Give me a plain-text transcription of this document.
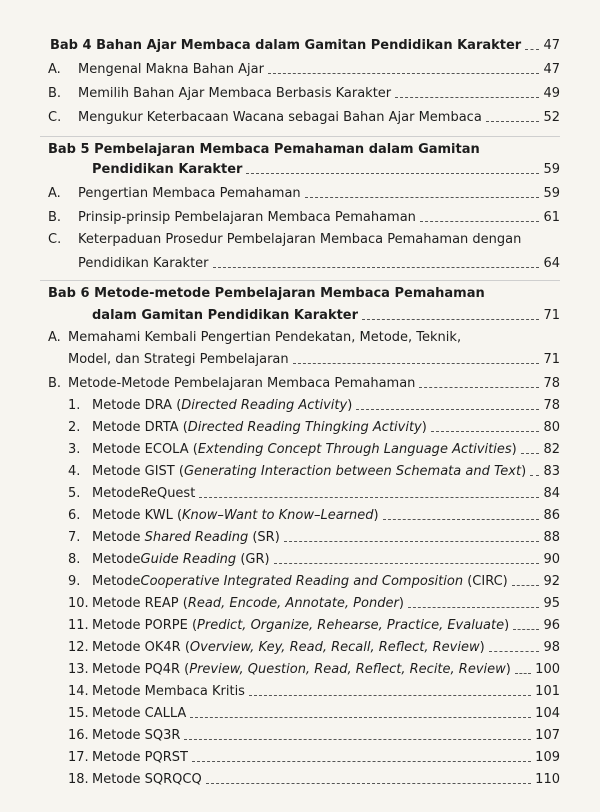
Bab 4 Bahan Ajar Membaca dalam Gamitan Pendidikan Karakter 47
A.	Mengenal Makna Bahan Ajar	47
B.	Memilih Bahan Ajar Membaca Berbasis Karakter	49
C.	Mengukur Keterbacaan Wacana sebagai Bahan Ajar Membaca	52
Bab 5 Pembelajaran Membaca Pemahaman dalam Gamitan
Pendidikan Karakter	59
A.	Pengertian Membaca Pemahaman	59
B.	Prinsip-prinsip Pembelajaran Membaca Pemahaman	61
C. Keterpaduan Prosedur Pembelajaran Membaca Pemahaman dengan
Pendidikan Karakter	64
Bab 6 Metode-metode Pembelajaran Membaca Pemahaman
dalam Gamitan Pendidikan Karakter	71
A. Memahami Kembali Pengertian Pendekatan, Metode, Teknik,
Model, dan Strategi Pembelajaran	71
B. Metode-Metode Pembelajaran Membaca Pemahaman	78
1. Metode DRA (Directed Reading Activity)	78
2. Metode DRTA (Directed Reading Thingking Activity)	80
3. Metode ECOLA (Extending Concept Through Language Activities) 82
4. Metode GIST (Generating Interaction between Schemata and Text) 83
5. MetodeReQuest	84
6. Metode KWL (Know–Want to Know–Learned)	86
7. Metode Shared Reading (SR)	88
8. MetodeGuide Reading (GR)	90
9. MetodeCooperative Integrated Reading and Composition (CIRC)	92
10. Metode REAP (Read, Encode, Annotate, Ponder)	95
11. Metode PORPE (Predict, Organize, Rehearse, Practice, Evaluate)	96
12. Metode OK4R (Overview, Key, Read, Recall, Reflect, Review)	98
13. Metode PQ4R (Preview, Question, Read, Reflect, Recite, Review) 100
14. Metode Membaca Kritis	101
15. Metode CALLA	104
16. Metode SQ3R	107
17. Metode PQRST	109
18. Metode SQRQCQ	110
